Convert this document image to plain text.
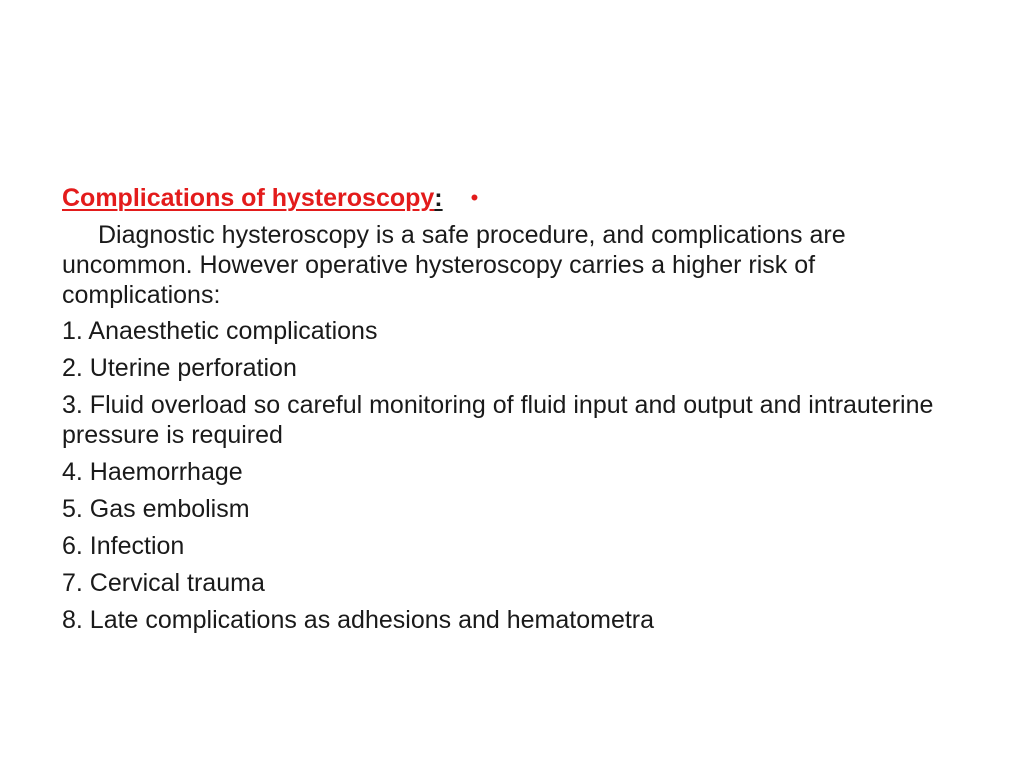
Complications of hysteroscopy: •
Diagnostic hysteroscopy is a safe procedure, and complications are uncommon. However operative hysteroscopy carries a higher risk of complications:
1. Anaesthetic complications
2. Uterine perforation
3. Fluid overload so careful monitoring of fluid input and output and intrauterine pressure is required
4. Haemorrhage
5. Gas embolism
6. Infection
7. Cervical trauma
8. Late complications as adhesions and hematometra
